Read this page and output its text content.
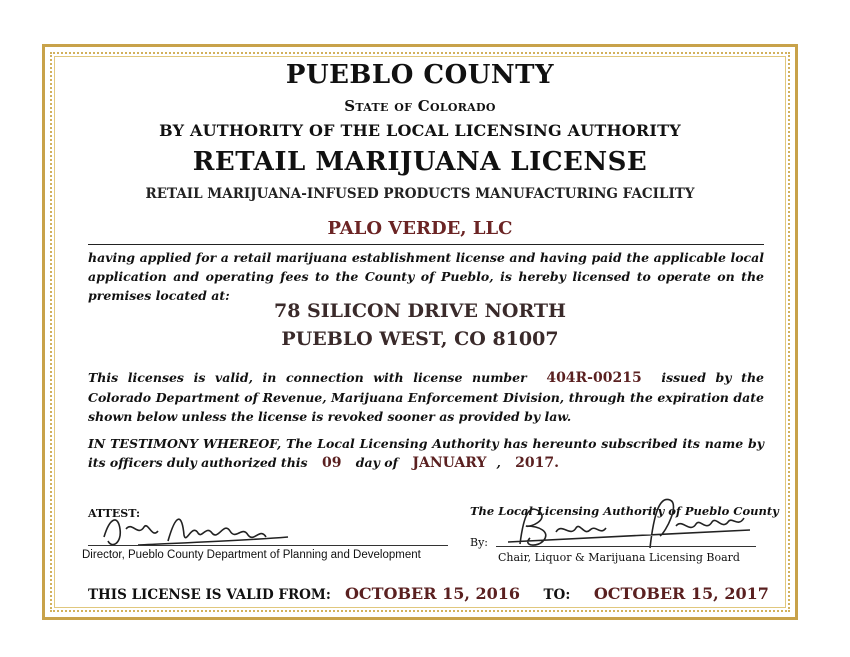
PUEBLO COUNTY
State of Colorado
BY AUTHORITY OF THE LOCAL LICENSING AUTHORITY
RETAIL MARIJUANA LICENSE
RETAIL MARIJUANA-INFUSED PRODUCTS MANUFACTURING FACILITY
PALO VERDE, LLC
having applied for a retail marijuana establishment license and having paid the applicable local application and operating fees to the County of Pueblo, is hereby licensed to operate on the premises located at:
78 SILICON DRIVE NORTH
PUEBLO WEST, CO 81007
This licenses is valid, in connection with license number 404R-00215 issued by the Colorado Department of Revenue, Marijuana Enforcement Division, through the expiration date shown below unless the license is revoked sooner as provided by law.
IN TESTIMONY WHEREOF, The Local Licensing Authority has hereunto subscribed its name by its officers duly authorized this 09 day of JANUARY , 2017.
ATTEST:
Director, Pueblo County Department of Planning and Development
The Local Licensing Authority of Pueblo County
By:
Chair, Liquor & Marijuana Licensing Board
THIS LICENSE IS VALID FROM: OCTOBER 15, 2016 TO: OCTOBER 15, 2017
